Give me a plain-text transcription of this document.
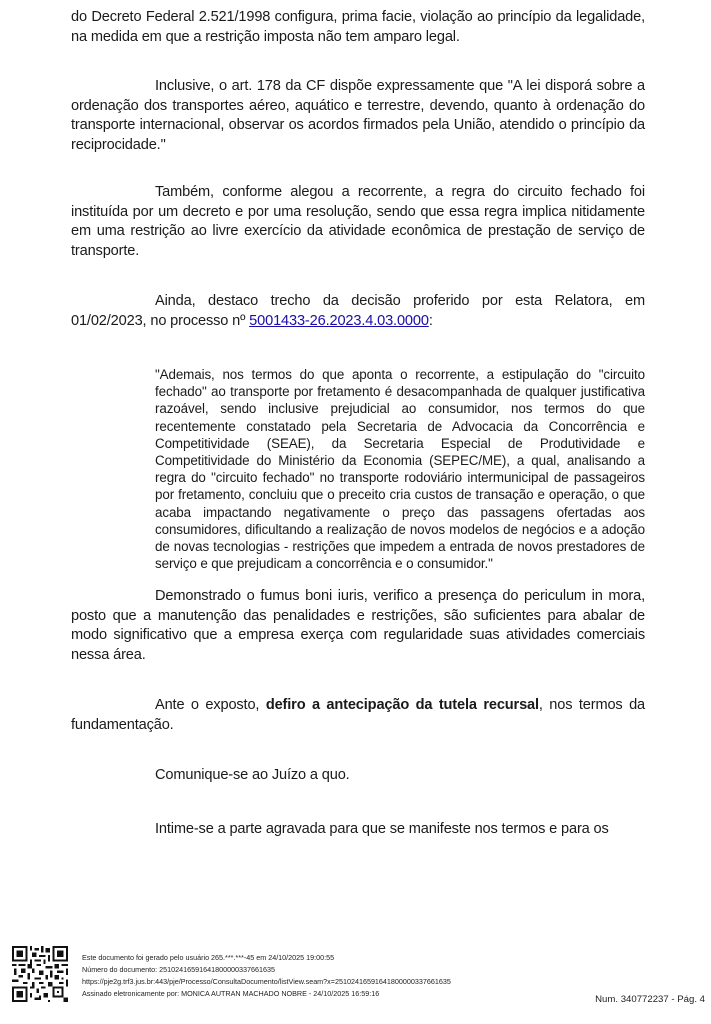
do Decreto Federal 2.521/1998 configura, prima facie, violação ao princípio da legalidade, na medida em que a restrição imposta não tem amparo legal.
Inclusive, o art. 178 da CF dispõe expressamente que "A lei disporá sobre a ordenação dos transportes aéreo, aquático e terrestre, devendo, quanto à ordenação do transporte internacional, observar os acordos firmados pela União, atendido o princípio da reciprocidade."
Também, conforme alegou a recorrente, a regra do circuito fechado foi instituída por um decreto e por uma resolução, sendo que essa regra implica nitidamente em uma restrição ao livre exercício da atividade econômica de prestação de serviço de transporte.
Ainda, destaco trecho da decisão proferido por esta Relatora, em 01/02/2023, no processo nº 5001433-26.2023.4.03.0000:
"Ademais, nos termos do que aponta o recorrente, a estipulação do "circuito fechado" ao transporte por fretamento é desacompanhada de qualquer justificativa razoável, sendo inclusive prejudicial ao consumidor, nos termos do que recentemente constatado pela Secretaria de Advocacia da Concorrência e Competitividade (SEAE), da Secretaria Especial de Produtividade e Competitividade do Ministério da Economia (SEPEC/ME), a qual, analisando a regra do "circuito fechado" no transporte rodoviário intermunicipal de passageiros por fretamento, concluiu que o preceito cria custos de transação e operação, o que acaba impactando negativamente o preço das passagens ofertadas aos consumidores, dificultando a realização de novos modelos de negócios e a adoção de novas tecnologias - restrições que impedem a entrada de novos prestadores de serviço e que prejudicam a concorrência e o consumidor."
Demonstrado o fumus boni iuris, verifico a presença do periculum in mora, posto que a manutenção das penalidades e restrições, são suficientes para abalar de modo significativo que a empresa exerça com regularidade suas atividades comerciais nessa área.
Ante o exposto, defiro a antecipação da tutela recursal, nos termos da fundamentação.
Comunique-se ao Juízo a quo.
Intime-se a parte agravada para que se manifeste nos termos e para os
Este documento foi gerado pelo usuário 265.***.***-45 em 24/10/2025 19:00:55
Número do documento: 25102416591641800000337661635
https://pje2g.trf3.jus.br:443/pje/Processo/ConsultaDocumento/listView.seam?x=25102416591641800000337661635
Assinado eletronicamente por: MONICA AUTRAN MACHADO NOBRE - 24/10/2025 16:59:16
Num. 340772237 - Pág. 4
